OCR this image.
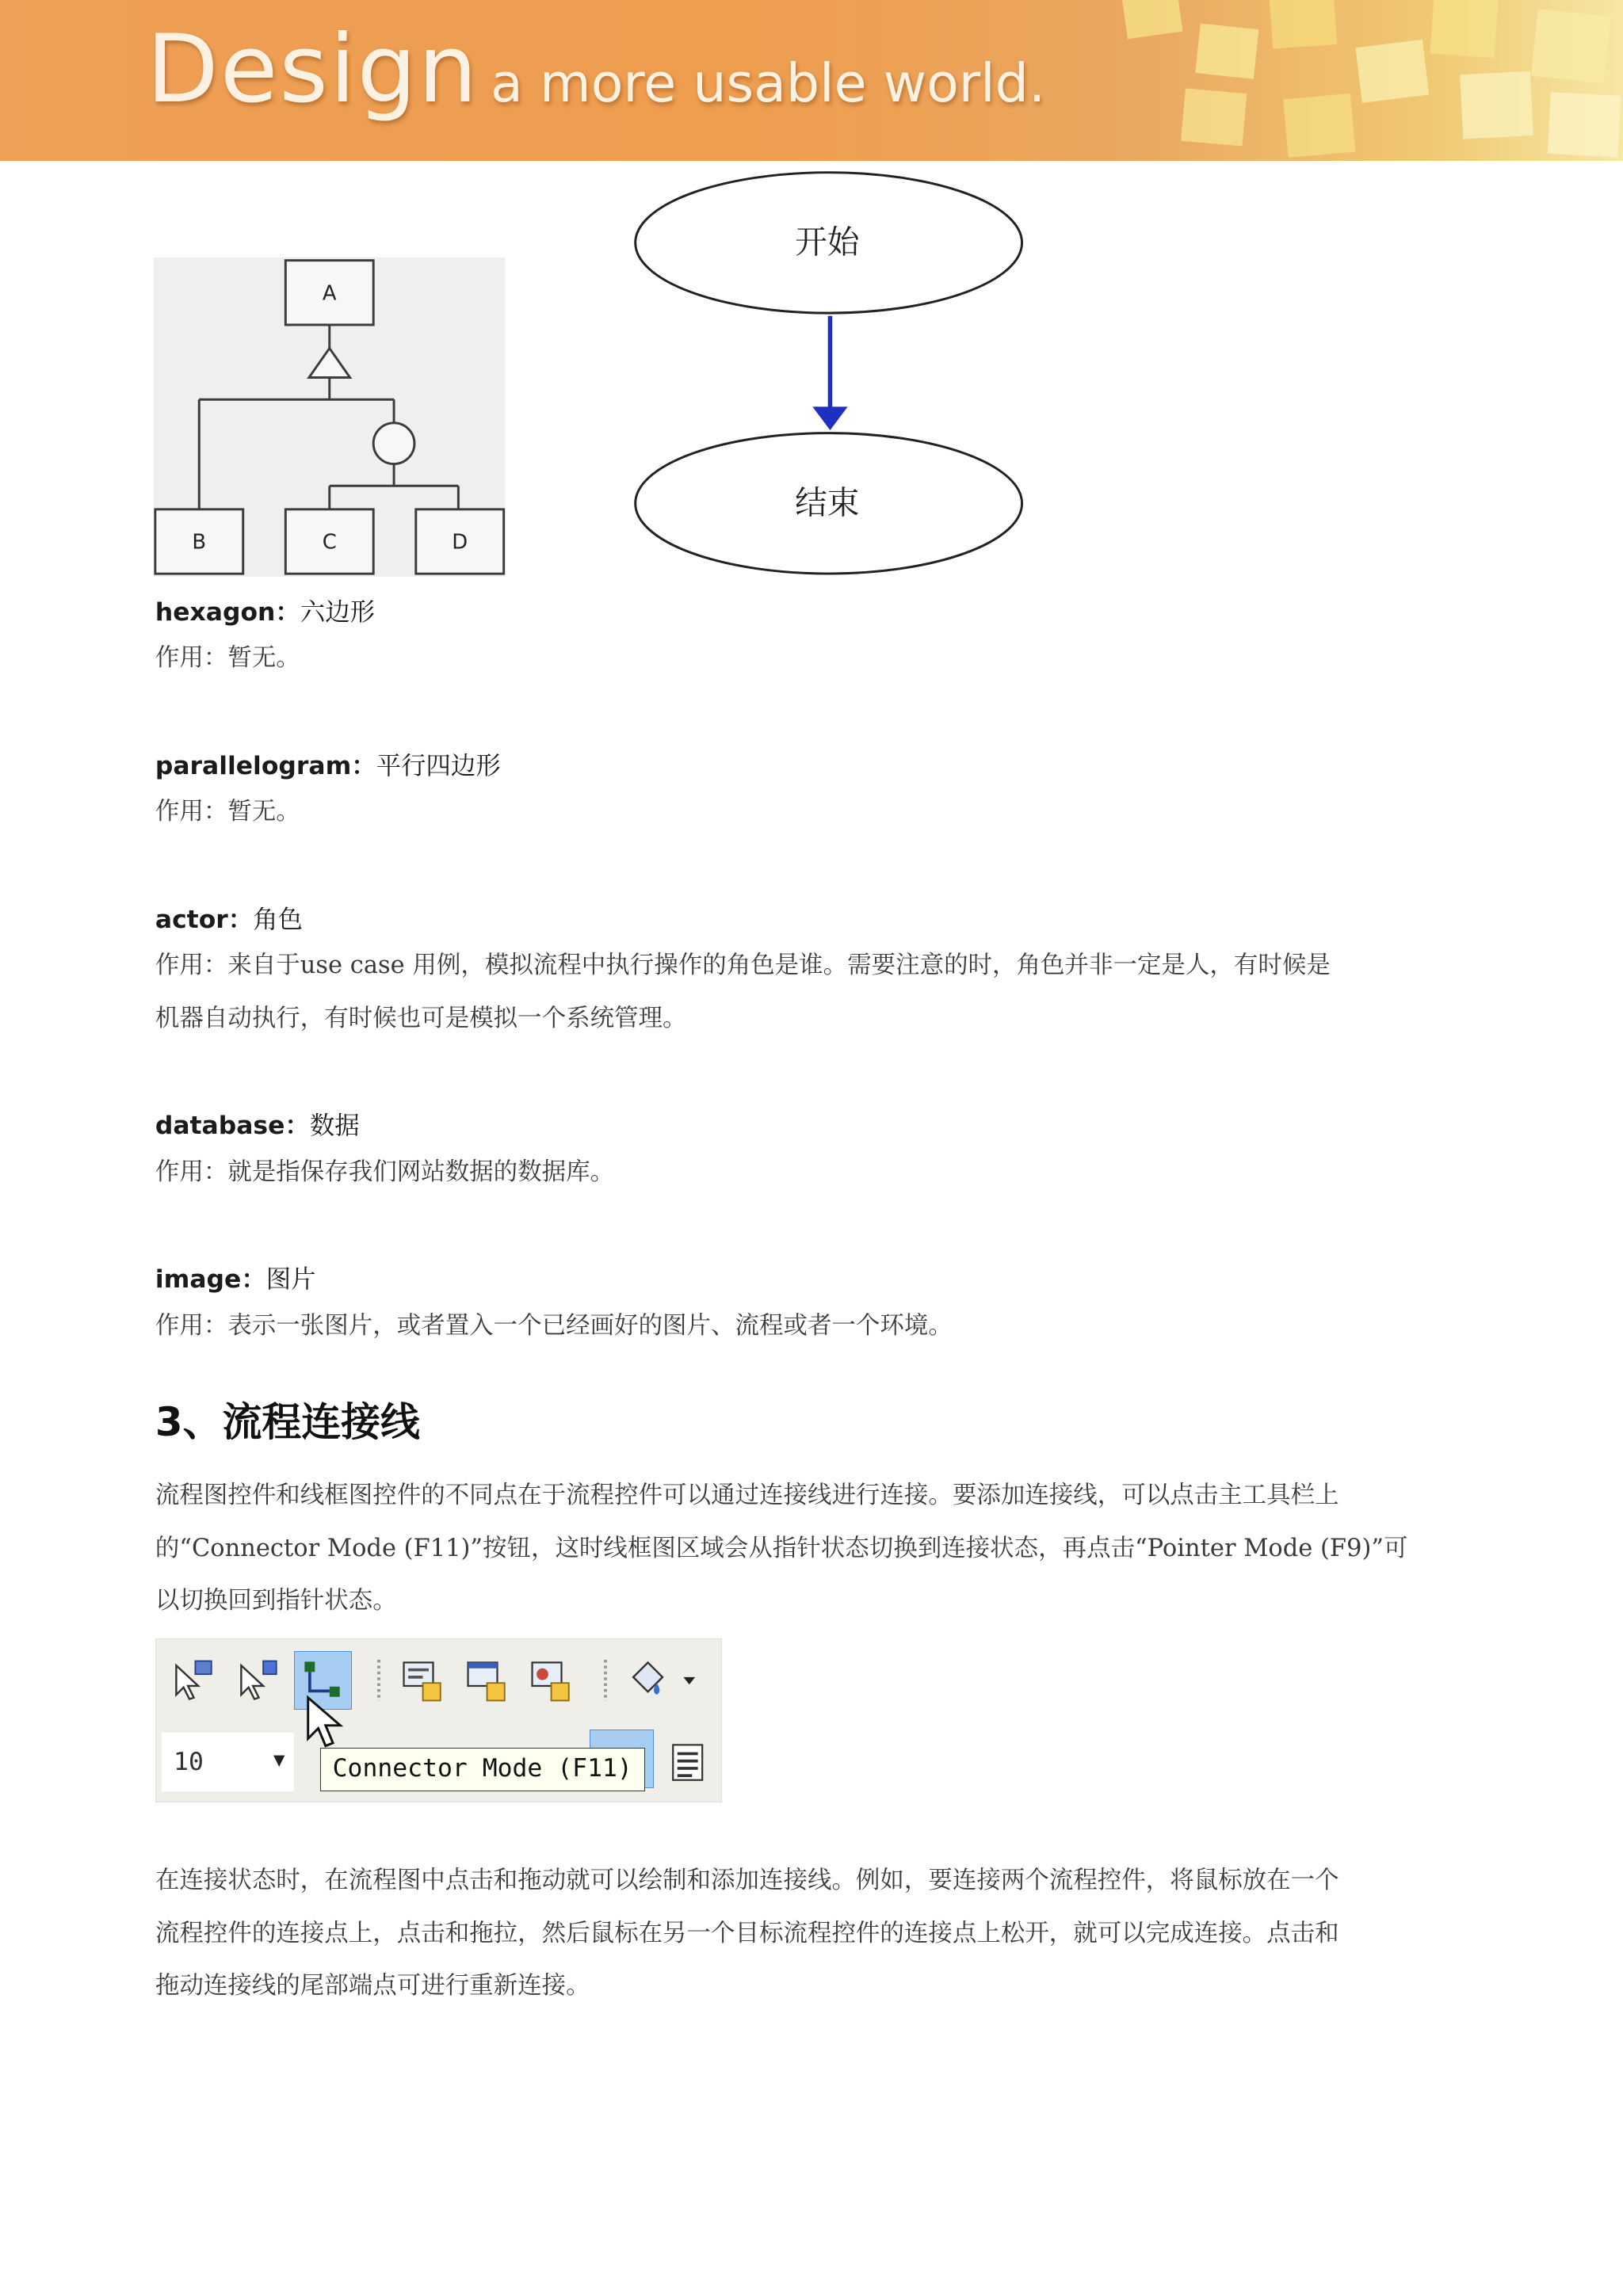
Design a more usable world.
A
B	C	D
开始
结束
hexagon：六边形
作用：暂无。
parallelogram：平行四边形
作用：暂无。
actor：角色
作用：来自于use case 用例，模拟流程中执行操作的角色是谁。需要注意的时，角色并非一定是人，有时候是
机器自动执行，有时候也可是模拟一个系统管理。
database：数据
作用：就是指保存我们网站数据的数据库。
image：图片
作用：表示一张图片，或者置入一个已经画好的图片、流程或者一个环境。
3、流程连接线
流程图控件和线框图控件的不同点在于流程控件可以通过连接线进行连接。要添加连接线，可以点击主工具栏上
的“Connector Mode (F11)”按钮，这时线框图区域会从指针状态切换到连接状态，再点击“Pointer Mode (F9)”可
以切换回到指针状态。
10	▼	Connector Mode (F11)
在连接状态时，在流程图中点击和拖动就可以绘制和添加连接线。例如，要连接两个流程控件，将鼠标放在一个
流程控件的连接点上，点击和拖拉，然后鼠标在另一个目标流程控件的连接点上松开，就可以完成连接。点击和
拖动连接线的尾部端点可进行重新连接。
